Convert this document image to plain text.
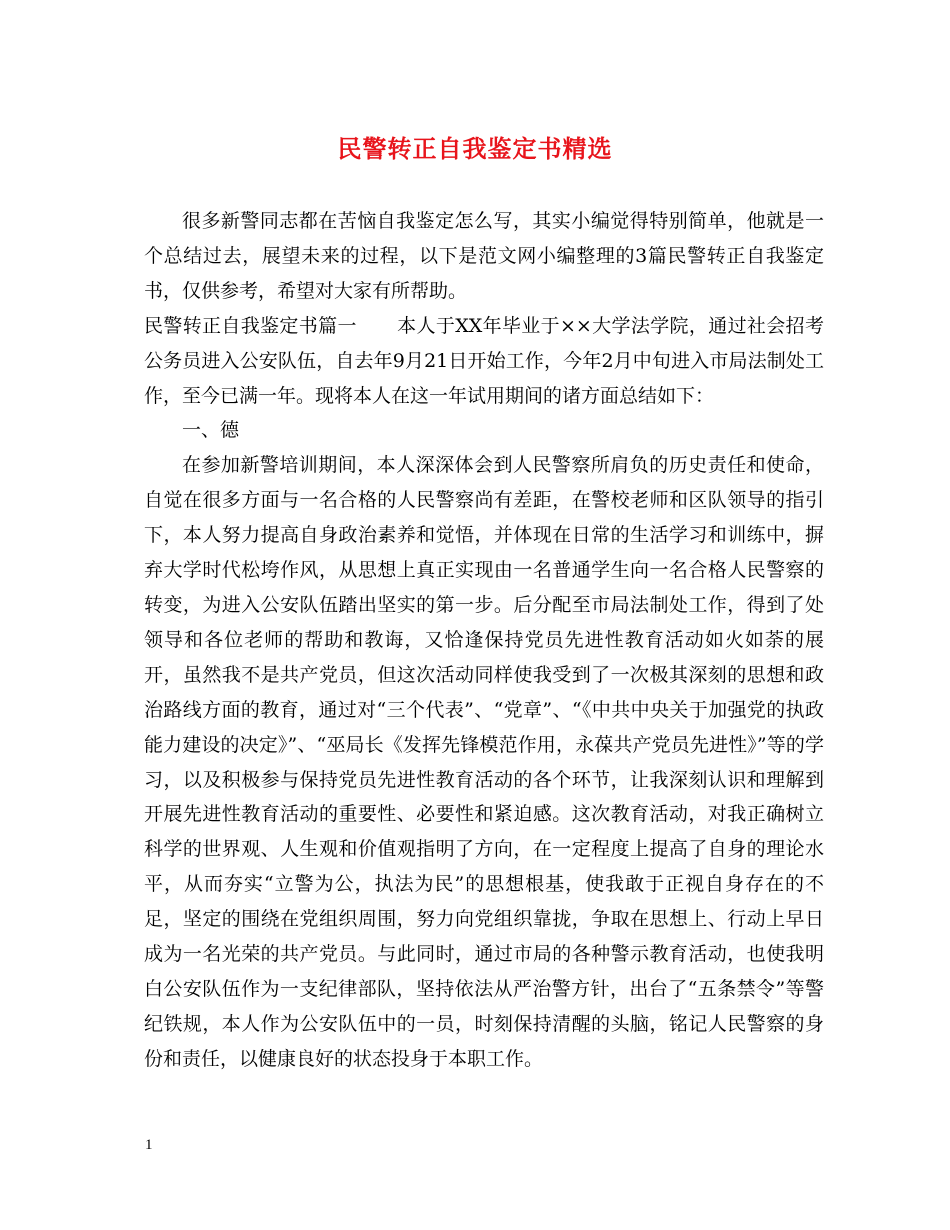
民警转正自我鉴定书精选

很多新警同志都在苦恼自我鉴定怎么写，其实小编觉得特别简单，他就是一个总结过去，展望未来的过程，以下是范文网小编整理的3篇民警转正自我鉴定书，仅供参考，希望对大家有所帮助。

民警转正自我鉴定书篇一 本人于XX年毕业于××大学法学院，通过社会招考公务员进入公安队伍，自去年9月21日开始工作，今年2月中旬进入市局法制处工作，至今已满一年。现将本人在这一年试用期间的诸方面总结如下：

一、德

在参加新警培训期间，本人深深体会到人民警察所肩负的历史责任和使命，自觉在很多方面与一名合格的人民警察尚有差距，在警校老师和区队领导的指引下，本人努力提高自身政治素养和觉悟，并体现在日常的生活学习和训练中，摒弃大学时代松垮作风，从思想上真正实现由一名普通学生向一名合格人民警察的转变，为进入公安队伍踏出坚实的第一步。后分配至市局法制处工作，得到了处领导和各位老师的帮助和教诲，又恰逢保持党员先进性教育活动如火如荼的展开，虽然我不是共产党员，但这次活动同样使我受到了一次极其深刻的思想和政治路线方面的教育，通过对“三个代表”、“党章”、“《中共中央关于加强党的执政能力建设的决定》”、“巫局长《发挥先锋模范作用，永葆共产党员先进性》”等的学习，以及积极参与保持党员先进性教育活动的各个环节，让我深刻认识和理解到开展先进性教育活动的重要性、必要性和紧迫感。这次教育活动，对我正确树立科学的世界观、人生观和价值观指明了方向，在一定程度上提高了自身的理论水平，从而夯实“立警为公，执法为民”的思想根基，使我敢于正视自身存在的不足，坚定的围绕在党组织周围，努力向党组织靠拢，争取在思想上、行动上早日成为一名光荣的共产党员。与此同时，通过市局的各种警示教育活动，也使我明白公安队伍作为一支纪律部队，坚持依法从严治警方针，出台了“五条禁令”等警纪铁规，本人作为公安队伍中的一员，时刻保持清醒的头脑，铭记人民警察的身份和责任，以健康良好的状态投身于本职工作。

1
